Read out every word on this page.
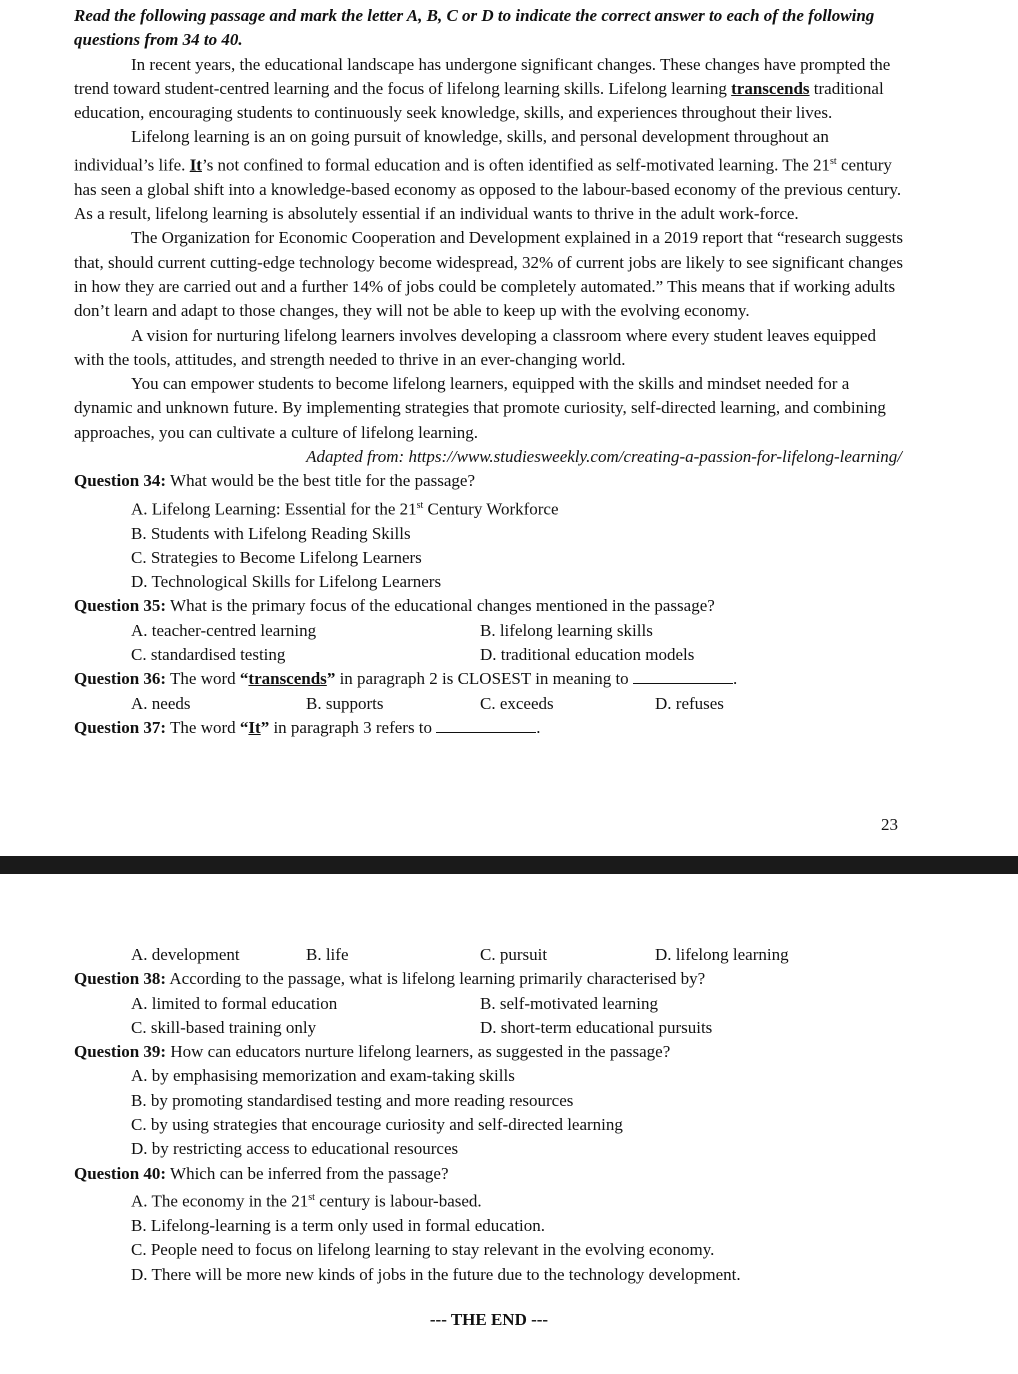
Read the following passage and mark the letter A, B, C or D to indicate the correct answer to each of the following questions from 34 to 40.

In recent years, the educational landscape has undergone significant changes. These changes have prompted the trend toward student-centred learning and the focus of lifelong learning skills. Lifelong learning transcends traditional education, encouraging students to continuously seek knowledge, skills, and experiences throughout their lives.

Lifelong learning is an on going pursuit of knowledge, skills, and personal development throughout an individual’s life. It’s not confined to formal education and is often identified as self-motivated learning. The 21st century has seen a global shift into a knowledge-based economy as opposed to the labour-based economy of the previous century. As a result, lifelong learning is absolutely essential if an individual wants to thrive in the adult work-force.

The Organization for Economic Cooperation and Development explained in a 2019 report that “research suggests that, should current cutting-edge technology become widespread, 32% of current jobs are likely to see significant changes in how they are carried out and a further 14% of jobs could be completely automated.” This means that if working adults don’t learn and adapt to those changes, they will not be able to keep up with the evolving economy.

A vision for nurturing lifelong learners involves developing a classroom where every student leaves equipped with the tools, attitudes, and strength needed to thrive in an ever-changing world.

You can empower students to become lifelong learners, equipped with the skills and mindset needed for a dynamic and unknown future. By implementing strategies that promote curiosity, self-directed learning, and combining approaches, you can cultivate a culture of lifelong learning.

Adapted from: https://www.studiesweekly.com/creating-a-passion-for-lifelong-learning/

Question 34: What would be the best title for the passage?

A. Lifelong Learning: Essential for the 21st Century Workforce

B. Students with Lifelong Reading Skills

C. Strategies to Become Lifelong Learners

D. Technological Skills for Lifelong Learners

Question 35: What is the primary focus of the educational changes mentioned in the passage?

A. teacher-centred learning	B. lifelong learning skills
C. standardised testing	D. traditional education models

Question 36: The word “transcends” in paragraph 2 is CLOSEST in meaning to	.

A. needs	B. supports	C. exceeds	D. refuses

Question 37: The word “It” in paragraph 3 refers to	.

23
A. development	B. life	C. pursuit	D. lifelong learning

Question 38: According to the passage, what is lifelong learning primarily characterised by?

A. limited to formal education	B. self-motivated learning
C. skill-based training only	D. short-term educational pursuits

Question 39: How can educators nurture lifelong learners, as suggested in the passage?

A. by emphasising memorization and exam-taking skills

B. by promoting standardised testing and more reading resources

C. by using strategies that encourage curiosity and self-directed learning

D. by restricting access to educational resources

Question 40: Which can be inferred from the passage?

A. The economy in the 21st century is labour-based.

B. Lifelong-learning is a term only used in formal education.

C. People need to focus on lifelong learning to stay relevant in the evolving economy.

D. There will be more new kinds of jobs in the future due to the technology development.

--- THE END ---
